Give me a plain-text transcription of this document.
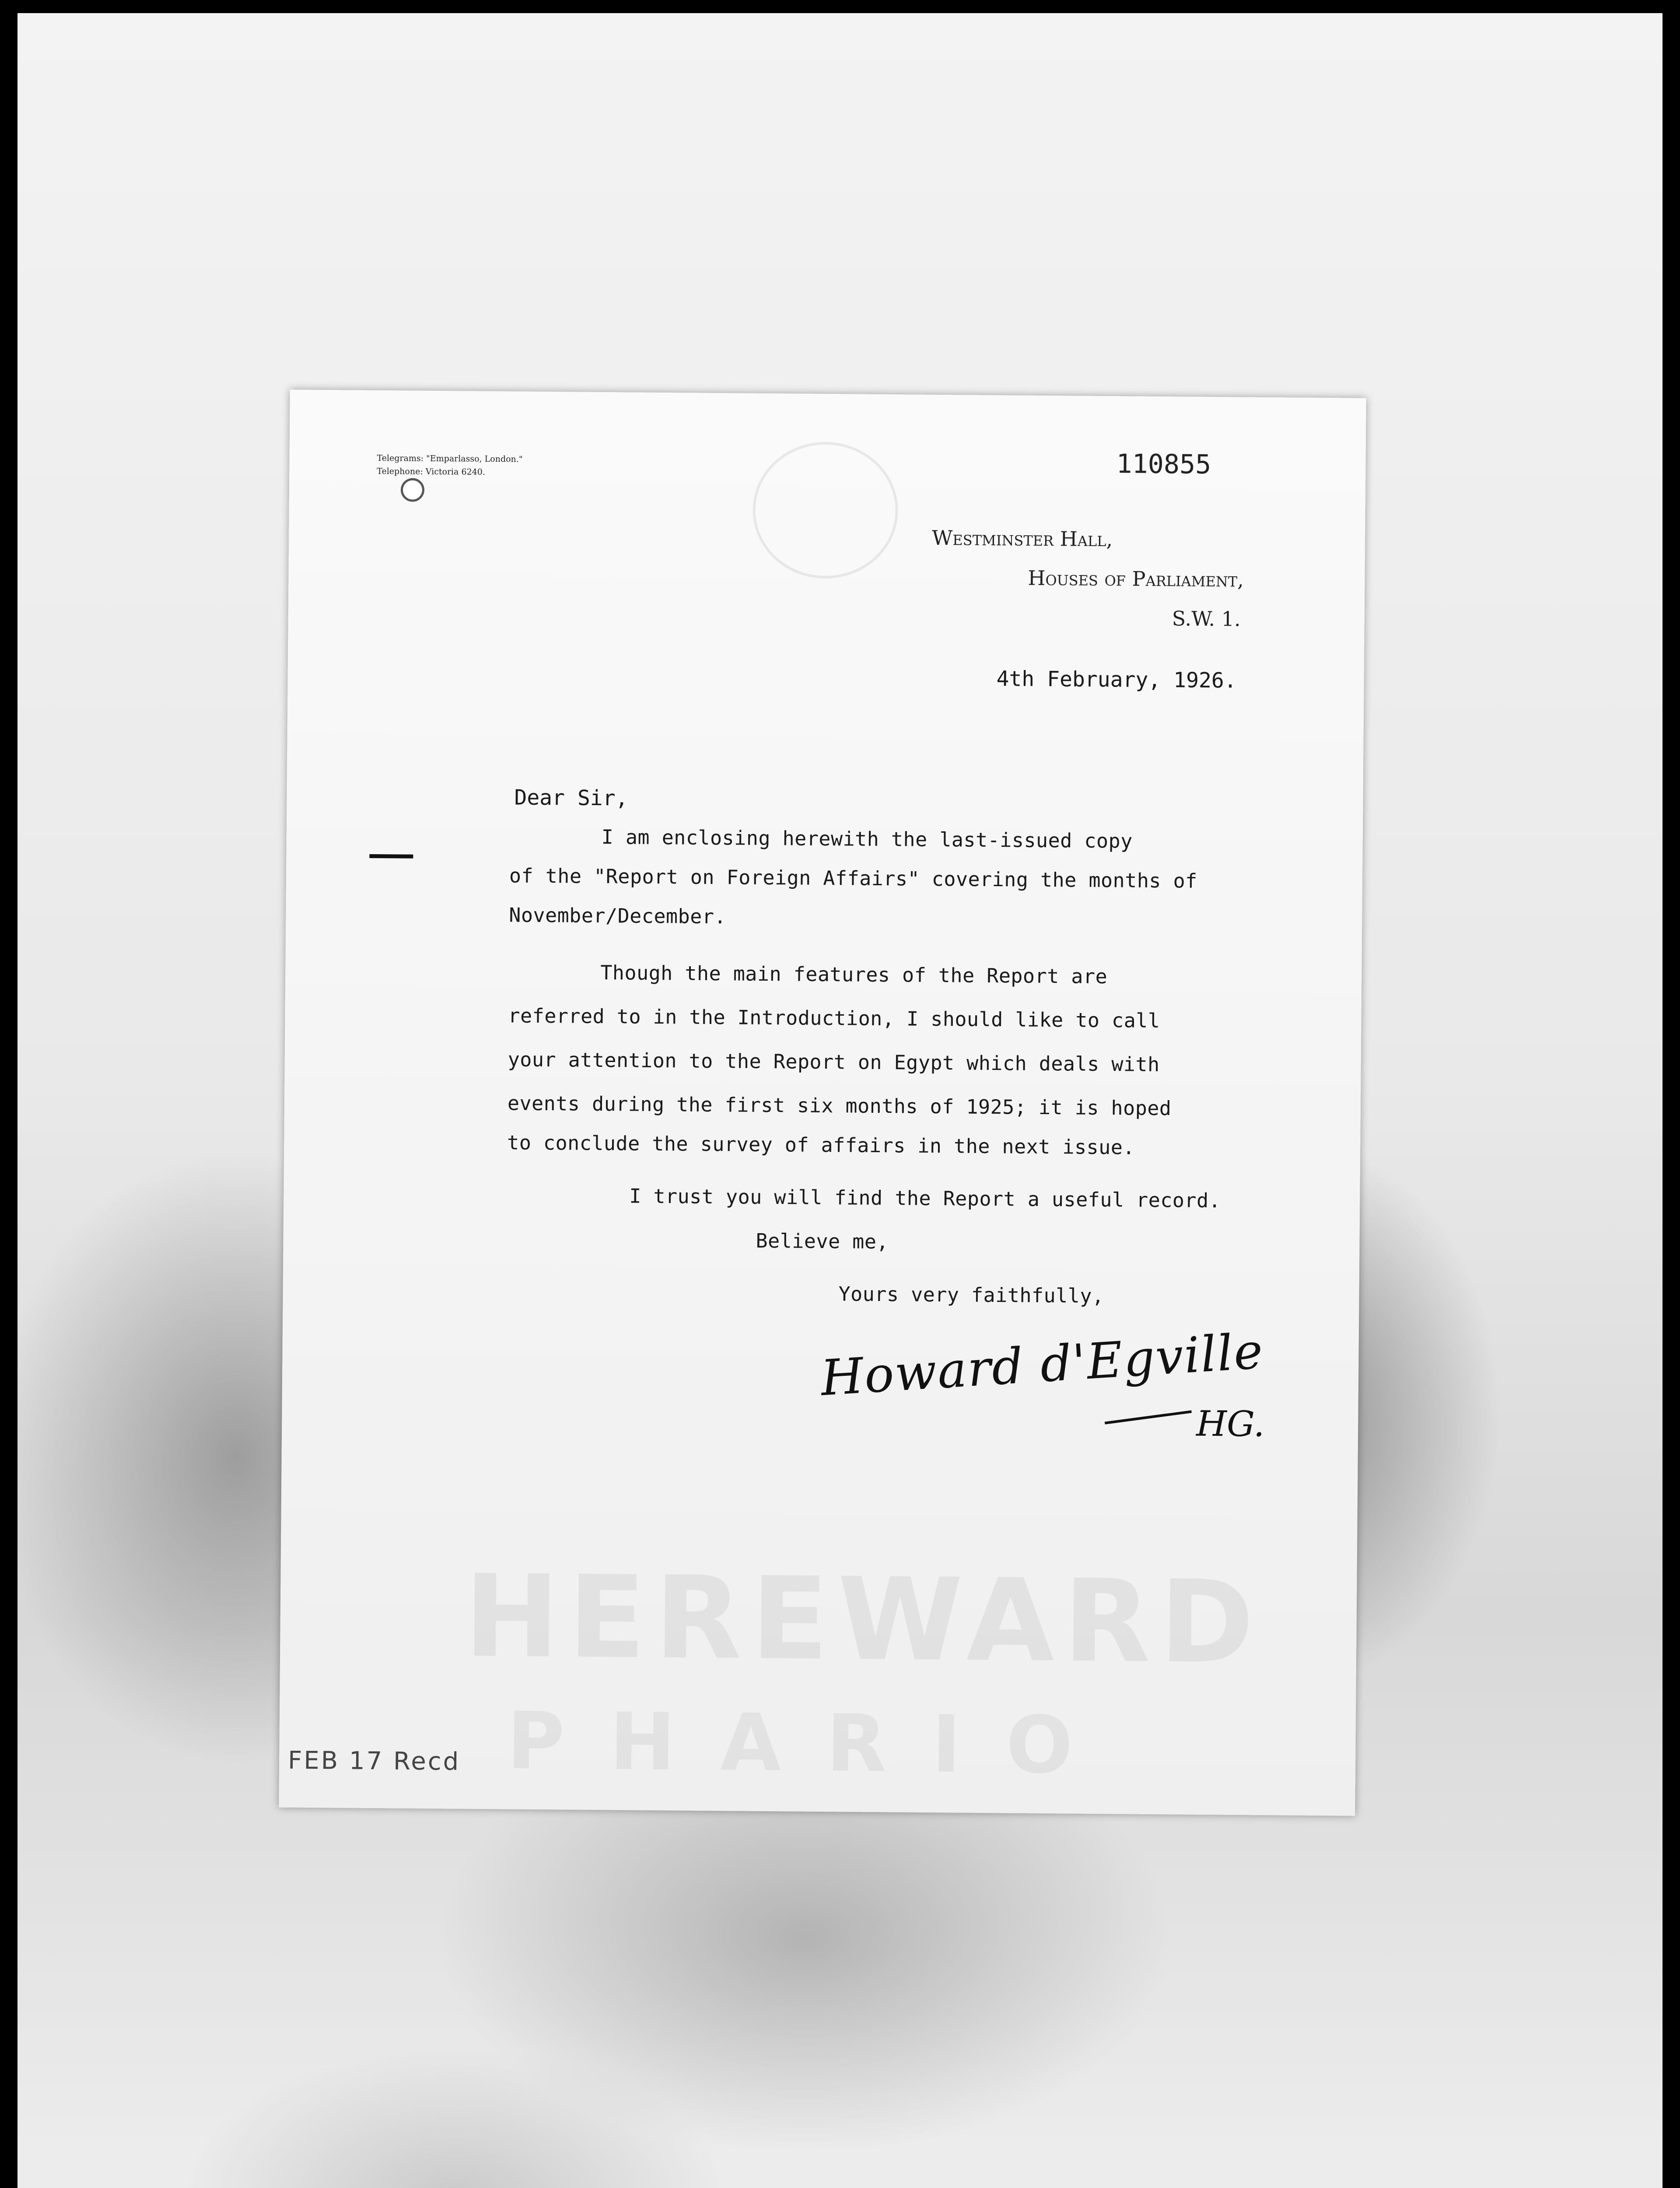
HEREWARD
P H A R I O
Telegrams: "Emparlasso, London."
Telephone: Victoria 6240.	110855
Westminster Hall,
Houses of Parliament,
S.W. 1.
4th February, 1926.
Dear Sir,
I am enclosing herewith the last-issued copy
of the "Report on Foreign Affairs" covering the months of
November/December.
Though the main features of the Report are
referred to in the Introduction, I should like to call
your attention to the Report on Egypt which deals with
events during the first six months of 1925; it is hoped
to conclude the survey of affairs in the next issue.
I trust you will find the Report a useful record.
Believe me,
Yours very faithfully,
Howard d'Egville
HG.
FEB 17 Recd
